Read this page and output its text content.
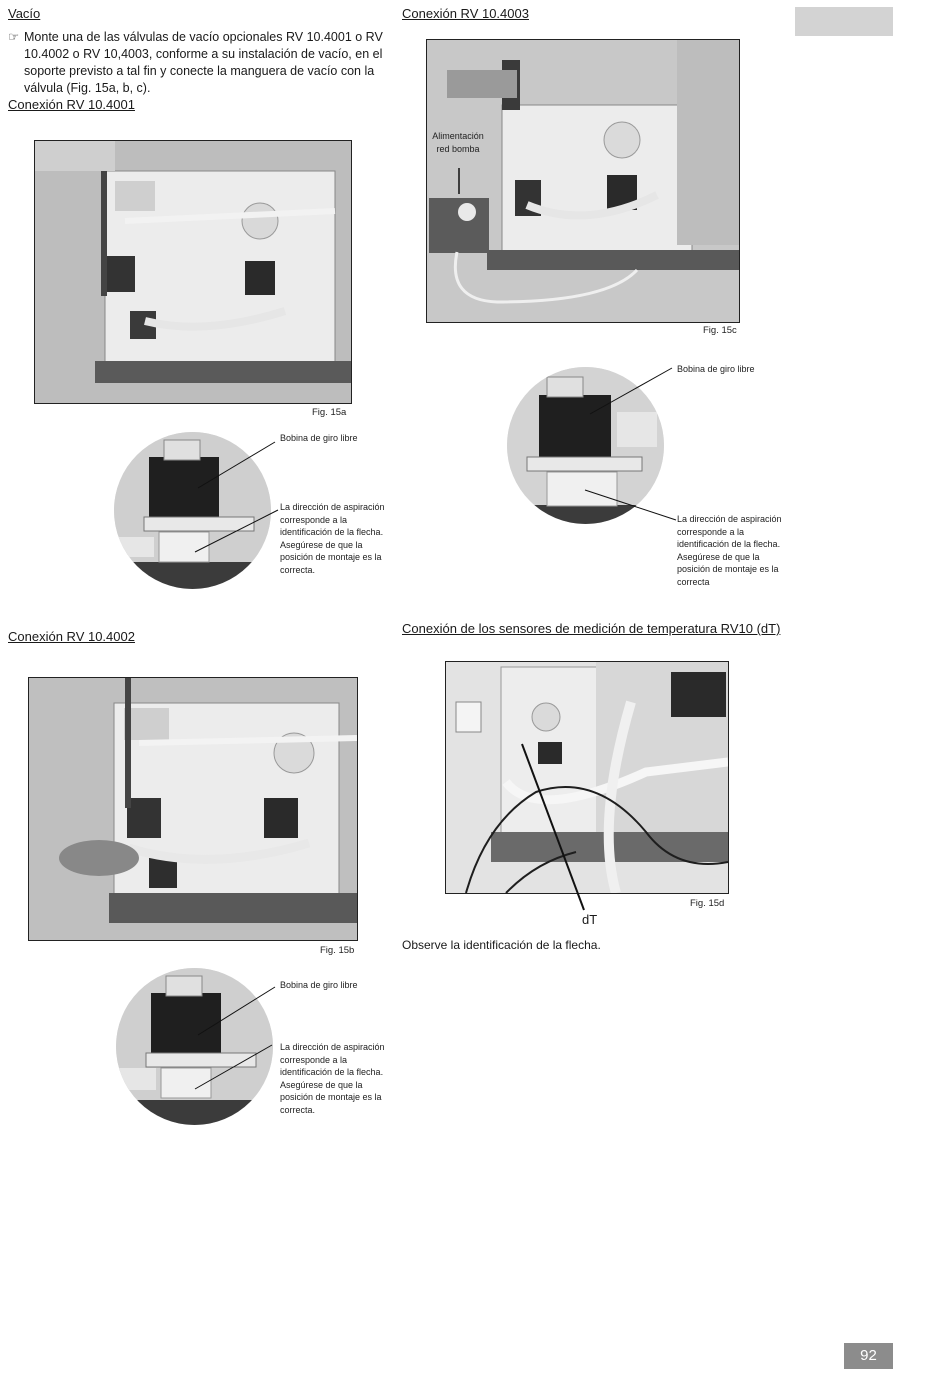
Vacío
☞ Monte una de las válvulas de vacío opcionales RV 10.4001 o RV 10.4002 o RV 10,4003, conforme a su instalación de vacío, en el soporte previsto a tal fin y conecte la manguera de vacío con la válvula (Fig. 15a, b, c).
Conexión RV 10.4001
Fig. 15a
Bobina de giro libre
La dirección de aspiración corresponde a la identificación de la flecha.
Asegúrese de que la posición de montaje es la correcta.
Conexión RV 10.4002
Fig. 15b
Bobina de giro libre
La dirección de aspiración corresponde a la identificación de la flecha.
Asegúrese de que la posición de montaje es la correcta.
Conexión RV 10.4003
Alimentación red bomba
Fig. 15c
Bobina de giro libre
La dirección de aspiración corresponde a la identificación de la flecha.
Asegúrese de que la posición de montaje es la correcta
Conexión de los sensores de medición de temperatura RV10 (dT)
dT
Fig. 15d
Observe la identificación de la flecha.
92
